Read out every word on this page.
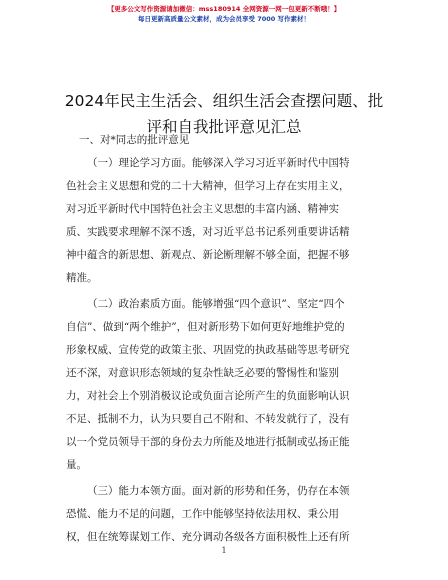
【更多公文写作资源请加微信：mss180914 全网资源一网一包更新不断哦！】
每日更新高质量公文素材，成为会员享受 7000 写作素材！
2024年民主生活会、组织生活会查摆问题、批
评和自我批评意见汇总
一、对*同志的批评意见
（一）理论学习方面。能够深入学习习近平新时代中国特
色社会主义思想和党的二十大精神，但学习上存在实用主义，
对习近平新时代中国特色社会主义思想的丰富内涵、精神实
质、实践要求理解不深不透，对习近平总书记系列重要讲话精
神中蕴含的新思想、新观点、新论断理解不够全面，把握不够
精准。
（二）政治素质方面。能够增强“四个意识”、坚定“四个
自信”、做到“两个维护”，但对新形势下如何更好地维护党的
形象权威、宣传党的政策主张、巩固党的执政基础等思考研究
还不深，对意识形态领域的复杂性缺乏必要的警惕性和鉴别
力，对社会上个别消极议论或负面言论所产生的负面影响认识
不足、抵制不力，认为只要自己不附和、不转发就行了，没有
以一个党员领导干部的身份去力所能及地进行抵制或弘扬正能
量。
（三）能力本领方面。面对新的形势和任务，仍存在本领
恐慌、能力不足的问题，工作中能够坚持依法用权、秉公用
权，但在统筹谋划工作、充分调动各级各方面积极性上还有所
1
